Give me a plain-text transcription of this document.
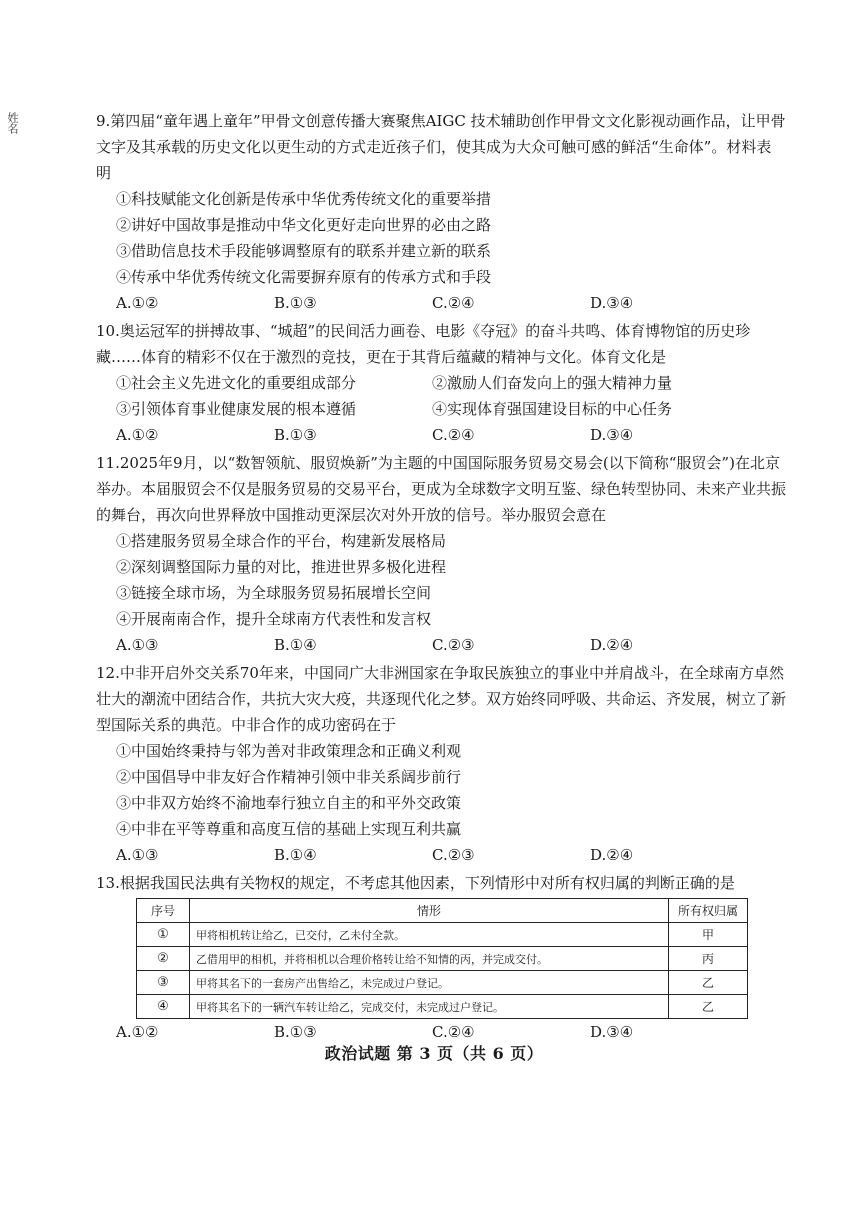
姓名	9.第四届“童年遇上童年”甲骨文创意传播大赛聚焦AIGC 技术辅助创作甲骨文文化影视动画作品，让甲骨文字及其承载的历史文化以更生动的方式走近孩子们，使其成为大众可触可感的鲜活“生命体”。材料表明

①科技赋能文化创新是传承中华优秀传统文化的重要举措

②讲好中国故事是推动中华文化更好走向世界的必由之路

③借助信息技术手段能够调整原有的联系并建立新的联系

④传承中华优秀传统文化需要摒弃原有的传承方式和手段

A.①②	B.①③	C.②④	D.③④

10.奥运冠军的拼搏故事、“城超”的民间活力画卷、电影《夺冠》的奋斗共鸣、体育博物馆的历史珍藏……体育的精彩不仅在于激烈的竞技，更在于其背后蕴藏的精神与文化。体育文化是

①社会主义先进文化的重要组成部分	②激励人们奋发向上的强大精神力量
③引领体育事业健康发展的根本遵循	④实现体育强国建设目标的中心任务
A.①②	B.①③	C.②④	D.③④

11.2025年9月，以“数智领航、服贸焕新”为主题的中国国际服务贸易交易会(以下简称“服贸会”)在北京举办。本届服贸会不仅是服务贸易的交易平台，更成为全球数字文明互鉴、绿色转型协同、未来产业共振的舞台，再次向世界释放中国推动更深层次对外开放的信号。举办服贸会意在

①搭建服务贸易全球合作的平台，构建新发展格局

②深刻调整国际力量的对比，推进世界多极化进程

③链接全球市场，为全球服务贸易拓展增长空间

④开展南南合作，提升全球南方代表性和发言权

A.①③	B.①④	C.②③	D.②④

12.中非开启外交关系70年来，中国同广大非洲国家在争取民族独立的事业中并肩战斗，在全球南方卓然壮大的潮流中团结合作，共抗大灾大疫，共逐现代化之梦。双方始终同呼吸、共命运、齐发展，树立了新型国际关系的典范。中非合作的成功密码在于

①中国始终秉持与邻为善对非政策理念和正确义利观

②中国倡导中非友好合作精神引领中非关系阔步前行

③中非双方始终不渝地奉行独立自主的和平外交政策

④中非在平等尊重和高度互信的基础上实现互利共赢

A.①③	B.①④	C.②③	D.②④

13.根据我国民法典有关物权的规定，不考虑其他因素，下列情形中对所有权归属的判断正确的是

序号	情形	所有权归属
①	甲将相机转让给乙，已交付，乙未付全款。	甲
②	乙借用甲的相机，并将相机以合理价格转让给不知情的丙，并完成交付。	丙
③	甲将其名下的一套房产出售给乙，未完成过户登记。	乙
④	甲将其名下的一辆汽车转让给乙，完成交付，未完成过户登记。	乙
A.①②	B.①③	C.②④	D.③④
政治试题 第 3 页（共 6 页）
